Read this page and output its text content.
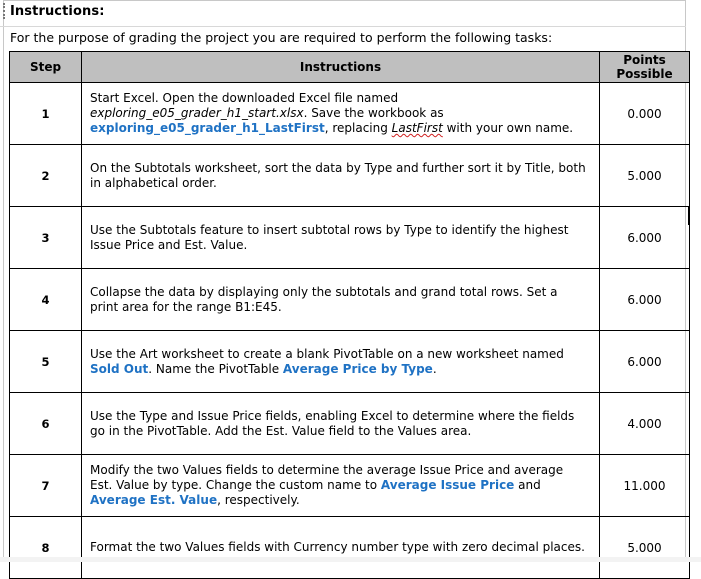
Instructions:
For the purpose of grading the project you are required to perform the following tasks:
Step	Instructions	Points Possible
1	Start Excel. Open the downloaded Excel file named exploring_e05_grader_h1_start.xlsx. Save the workbook as exploring_e05_grader_h1_LastFirst, replacing LastFirst with your own name.	0.000
2	On the Subtotals worksheet, sort the data by Type and further sort it by Title, both in alphabetical order.	5.000
3	Use the Subtotals feature to insert subtotal rows by Type to identify the highest Issue Price and Est. Value.	6.000
4	Collapse the data by displaying only the subtotals and grand total rows. Set a print area for the range B1:E45.	6.000
5	Use the Art worksheet to create a blank PivotTable on a new worksheet named Sold Out. Name the PivotTable Average Price by Type.	6.000
6	Use the Type and Issue Price fields, enabling Excel to determine where the fields go in the PivotTable. Add the Est. Value field to the Values area.	4.000
7	Modify the two Values fields to determine the average Issue Price and average Est. Value by type. Change the custom name to Average Issue Price and Average Est. Value, respectively.	11.000
8	Format the two Values fields with Currency number type with zero decimal places.	5.000
